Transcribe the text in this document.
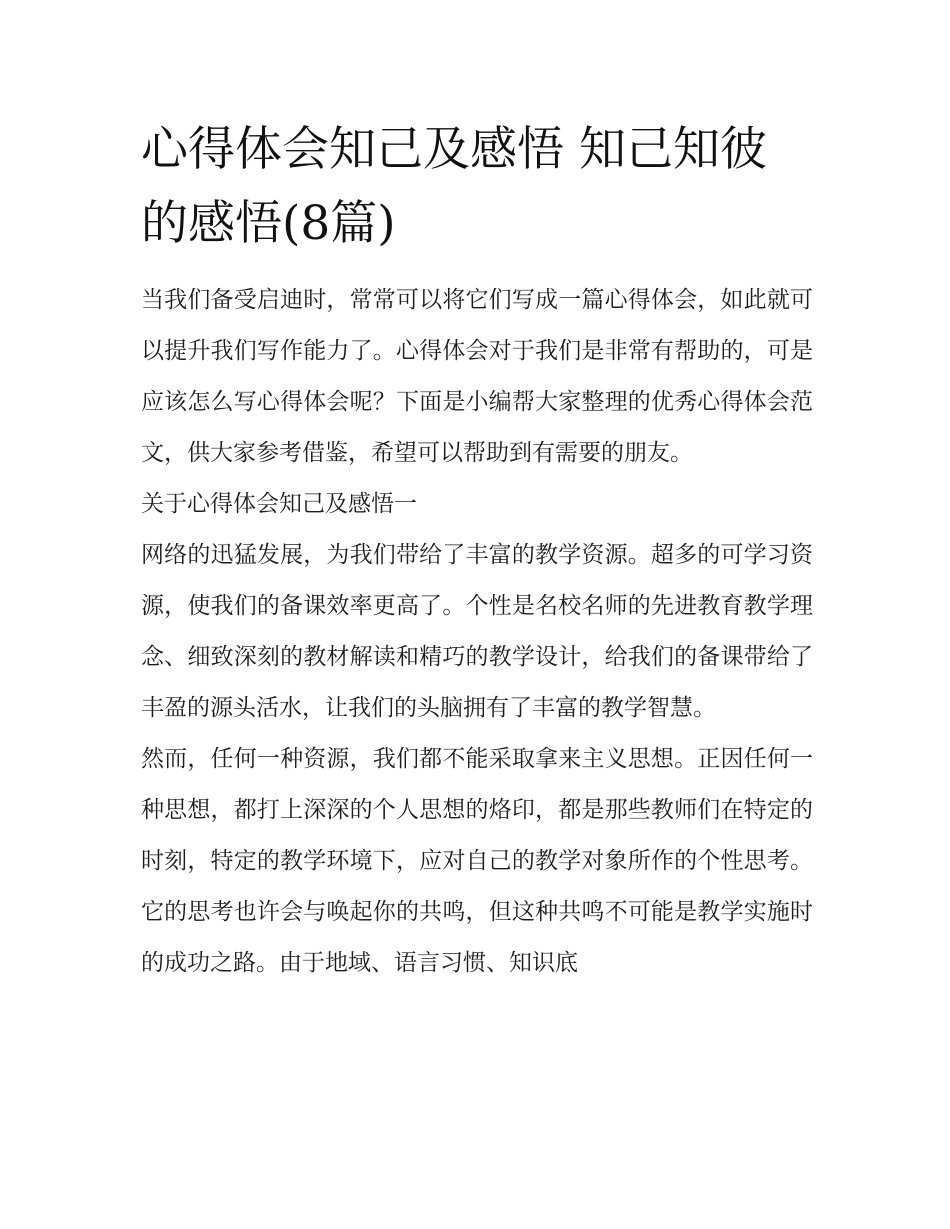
心得体会知己及感悟 知己知彼的感悟(8篇)

当我们备受启迪时，常常可以将它们写成一篇心得体会，如此就可以提升我们写作能力了。心得体会对于我们是非常有帮助的，可是应该怎么写心得体会呢？下面是小编帮大家整理的优秀心得体会范文，供大家参考借鉴，希望可以帮助到有需要的朋友。

关于心得体会知己及感悟一

网络的迅猛发展，为我们带给了丰富的教学资源。超多的可学习资源，使我们的备课效率更高了。个性是名校名师的先进教育教学理念、细致深刻的教材解读和精巧的教学设计，给我们的备课带给了丰盈的源头活水，让我们的头脑拥有了丰富的教学智慧。

然而，任何一种资源，我们都不能采取拿来主义思想。正因任何一种思想，都打上深深的个人思想的烙印，都是那些教师们在特定的时刻，特定的教学环境下，应对自己的教学对象所作的个性思考。它的思考也许会与唤起你的共鸣，但这种共鸣不可能是教学实施时的成功之路。由于地域、语言习惯、知识底
